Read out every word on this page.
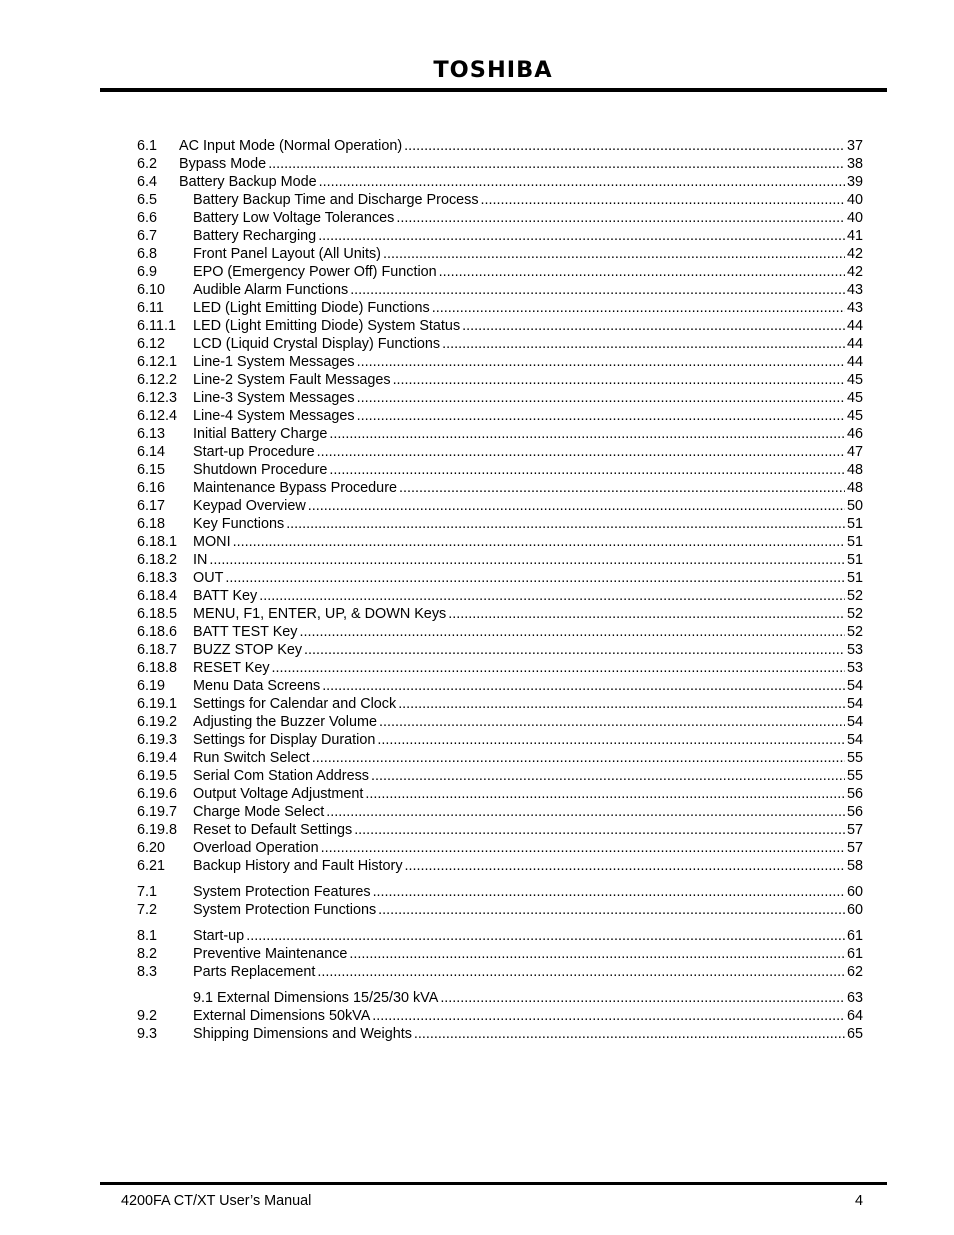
TOSHIBA
6.1	AC Input Mode (Normal Operation) .....	37
6.2	Bypass Mode .....	38
6.4	Battery Backup Mode .....	39
6.5	Battery Backup Time and Discharge Process .....	40
6.6	Battery Low Voltage Tolerances .....	40
6.7	Battery Recharging .....	41
6.8	Front Panel Layout (All Units) .....	42
6.9	EPO (Emergency Power Off) Function .....	42
6.10	Audible Alarm Functions .....	43
6.11	LED (Light Emitting Diode) Functions .....	43
6.11.1	LED (Light Emitting Diode) System Status .....	44
6.12	LCD (Liquid Crystal Display) Functions .....	44
6.12.1	Line-1 System Messages .....	44
6.12.2	Line-2 System Fault Messages .....	45
6.12.3	Line-3 System Messages .....	45
6.12.4	Line-4 System Messages .....	45
6.13	Initial Battery Charge .....	46
6.14	Start-up Procedure .....	47
6.15	Shutdown Procedure .....	48
6.16	Maintenance Bypass Procedure .....	48
6.17	Keypad Overview .....	50
6.18	Key Functions .....	51
6.18.1	MONI .....	51
6.18.2	IN .....	51
6.18.3	OUT .....	51
6.18.4	BATT Key .....	52
6.18.5	MENU, F1, ENTER, UP, & DOWN Keys .....	52
6.18.6	BATT TEST Key .....	52
6.18.7	BUZZ STOP Key .....	53
6.18.8	RESET Key .....	53
6.19	Menu Data Screens .....	54
6.19.1	Settings for Calendar and Clock .....	54
6.19.2	Adjusting the Buzzer Volume .....	54
6.19.3	Settings for Display Duration .....	54
6.19.4	Run Switch Select .....	55
6.19.5	Serial Com Station Address .....	55
6.19.6	Output Voltage Adjustment .....	56
6.19.7	Charge Mode Select .....	56
6.19.8	Reset to Default Settings .....	57
6.20	Overload Operation .....	57
6.21	Backup History and Fault History .....	58
7.1	System Protection Features .....	60
7.2	System Protection Functions .....	60
8.1	Start-up .....	61
8.2	Preventive Maintenance .....	61
8.3	Parts Replacement .....	62
9.1 External Dimensions 15/25/30 kVA .....	63
9.2	External Dimensions 50kVA .....	64
9.3	Shipping Dimensions and Weights .....	65
4200FA CT/XT User’s Manual	4
